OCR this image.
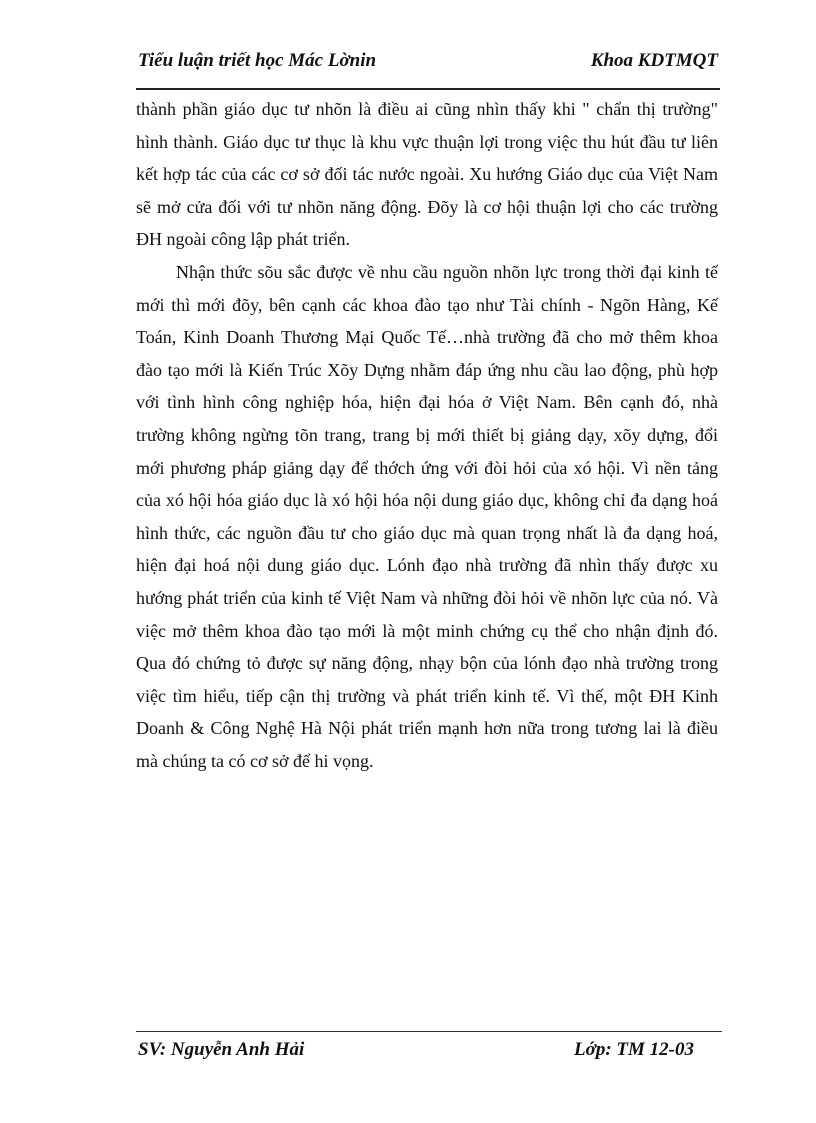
Tiểu luận triết học Mác Lờnin	Khoa KDTMQT

thành phần giáo dục tư nhõn là điều ai cũng nhìn thấy khi " chẩn thị trường" hình thành. Giáo dục tư thục là khu vực thuận lợi trong việc thu hút đầu tư liên kết hợp tác của các cơ sở đối tác nước ngoài. Xu hướng Giáo dục của Việt Nam sẽ mở cửa đối với tư nhõn năng động. Đõy là cơ hội thuận lợi cho các trường ĐH ngoài công lập phát triển.

Nhận thức sõu sắc được về nhu cầu nguồn nhõn lực trong thời đại kinh tế mới thì mới đõy, bên cạnh các khoa đào tạo như Tài chính - Ngõn Hàng, Kế Toán, Kinh Doanh Thương Mại Quốc Tế…nhà trường đã cho mở thêm khoa đào tạo mới là Kiến Trúc Xõy Dựng nhằm đáp ứng nhu cầu lao động, phù hợp với tình hình công nghiệp hóa, hiện đại hóa ở Việt Nam. Bên cạnh đó, nhà trường không ngừng tõn trang, trang bị mới thiết bị giảng dạy, xõy dựng, đổi mới phương pháp giảng dạy để thớch ứng với đòi hỏi của xó hội. Vì nền tảng của xó hội hóa giáo dục là xó hội hóa nội dung giáo dục, không chỉ đa dạng hoá hình thức, các nguồn đầu tư cho giáo dục mà quan trọng nhất là đa dạng hoá, hiện đại hoá nội dung giáo dục. Lónh đạo nhà trường đã nhìn thấy được xu hướng phát triển của kinh tế Việt Nam và những đòi hỏi về nhõn lực của nó. Và việc mở thêm khoa đào tạo mới là một minh chứng cụ thể cho nhận định đó. Qua đó chứng tỏ được sự năng động, nhạy bộn của lónh đạo nhà trường trong việc tìm hiểu, tiếp cận thị trường và phát triển kinh tế. Vì thế, một ĐH Kinh Doanh & Công Nghệ Hà Nội phát triển mạnh hơn nữa trong tương lai là điều mà chúng ta có cơ sở để hi vọng.

SV: Nguyễn Anh Hải	Lớp: TM 12-03
